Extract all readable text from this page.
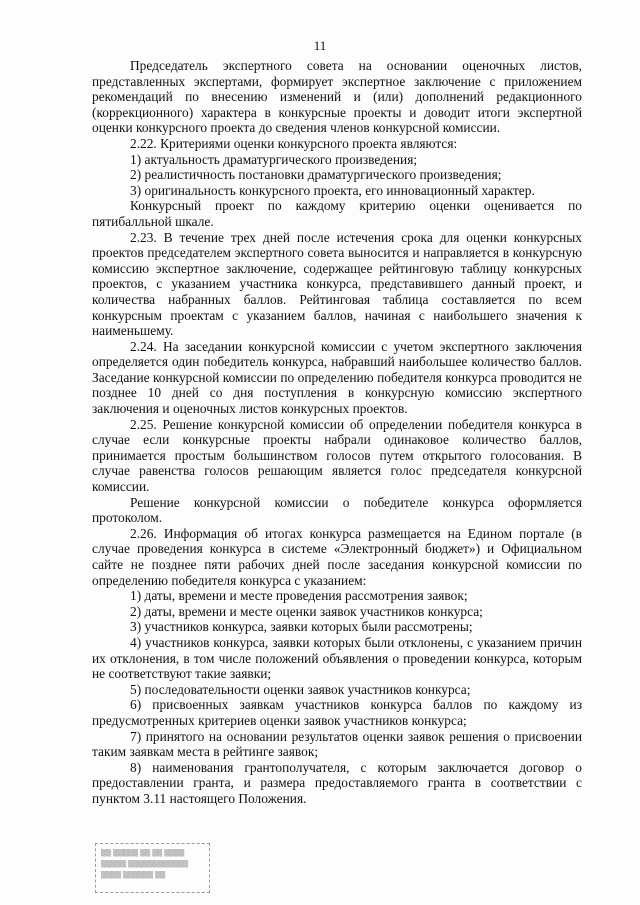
11

Председатель экспертного совета на основании оценочных листов, представленных экспертами, формирует экспертное заключение с приложением рекомендаций по внесению изменений и (или) дополнений редакционного (коррекционного) характера в конкурсные проекты и доводит итоги экспертной оценки конкурсного проекта до сведения членов конкурсной комиссии.

2.22. Критериями оценки конкурсного проекта являются:

1) актуальность драматургического произведения;

2) реалистичность постановки драматургического произведения;

3) оригинальность конкурсного проекта, его инновационный характер.

Конкурсный проект по каждому критерию оценки оценивается по пятибалльной шкале.

2.23. В течение трех дней после истечения срока для оценки конкурсных проектов председателем экспертного совета выносится и направляется в конкурсную комиссию экспертное заключение, содержащее рейтинговую таблицу конкурсных проектов, с указанием участника конкурса, представившего данный проект, и количества набранных баллов. Рейтинговая таблица составляется по всем конкурсным проектам с указанием баллов, начиная с наибольшего значения к наименьшему.

2.24. На заседании конкурсной комиссии с учетом экспертного заключения определяется один победитель конкурса, набравший наибольшее количество баллов. Заседание конкурсной комиссии по определению победителя конкурса проводится не позднее 10 дней со дня поступления в конкурсную комиссию экспертного заключения и оценочных листов конкурсных проектов.

2.25. Решение конкурсной комиссии об определении победителя конкурса в случае если конкурсные проекты набрали одинаковое количество баллов, принимается простым большинством голосов путем открытого голосования. В случае равенства голосов решающим является голос председателя конкурсной комиссии.

Решение конкурсной комиссии о победителе конкурса оформляется протоколом.

2.26. Информация об итогах конкурса размещается на Едином портале (в случае проведения конкурса в системе «Электронный бюджет») и Официальном сайте не позднее пяти рабочих дней после заседания конкурсной комиссии по определению победителя конкурса с указанием:

1) даты, времени и месте проведения рассмотрения заявок;

2) даты, времени и месте оценки заявок участников конкурса;

3) участников конкурса, заявки которых были рассмотрены;

4) участников конкурса, заявки которых были отклонены, с указанием причин их отклонения, в том числе положений объявления о проведении конкурса, которым не соответствуют такие заявки;

5) последовательности оценки заявок участников конкурса;

6) присвоенных заявкам участников конкурса баллов по каждому из предусмотренных критериев оценки заявок участников конкурса;

7) принятого на основании результатов оценки заявок решения о присвоении таким заявкам места в рейтинге заявок;

8) наименования грантополучателя, с которым заключается договор о предоставлении гранта, и размера предоставляемого гранта в соответствии с пунктом 3.11 настоящего Положения.

▒▒ ▒▒▒▒▒ ▒▒ ▒▒ ▒▒▒▒
▒▒▒▒▒ ▒▒▒▒▒▒▒▒▒▒▒▒
▒▒▒▒ ▒▒▒▒▒▒ ▒▒
